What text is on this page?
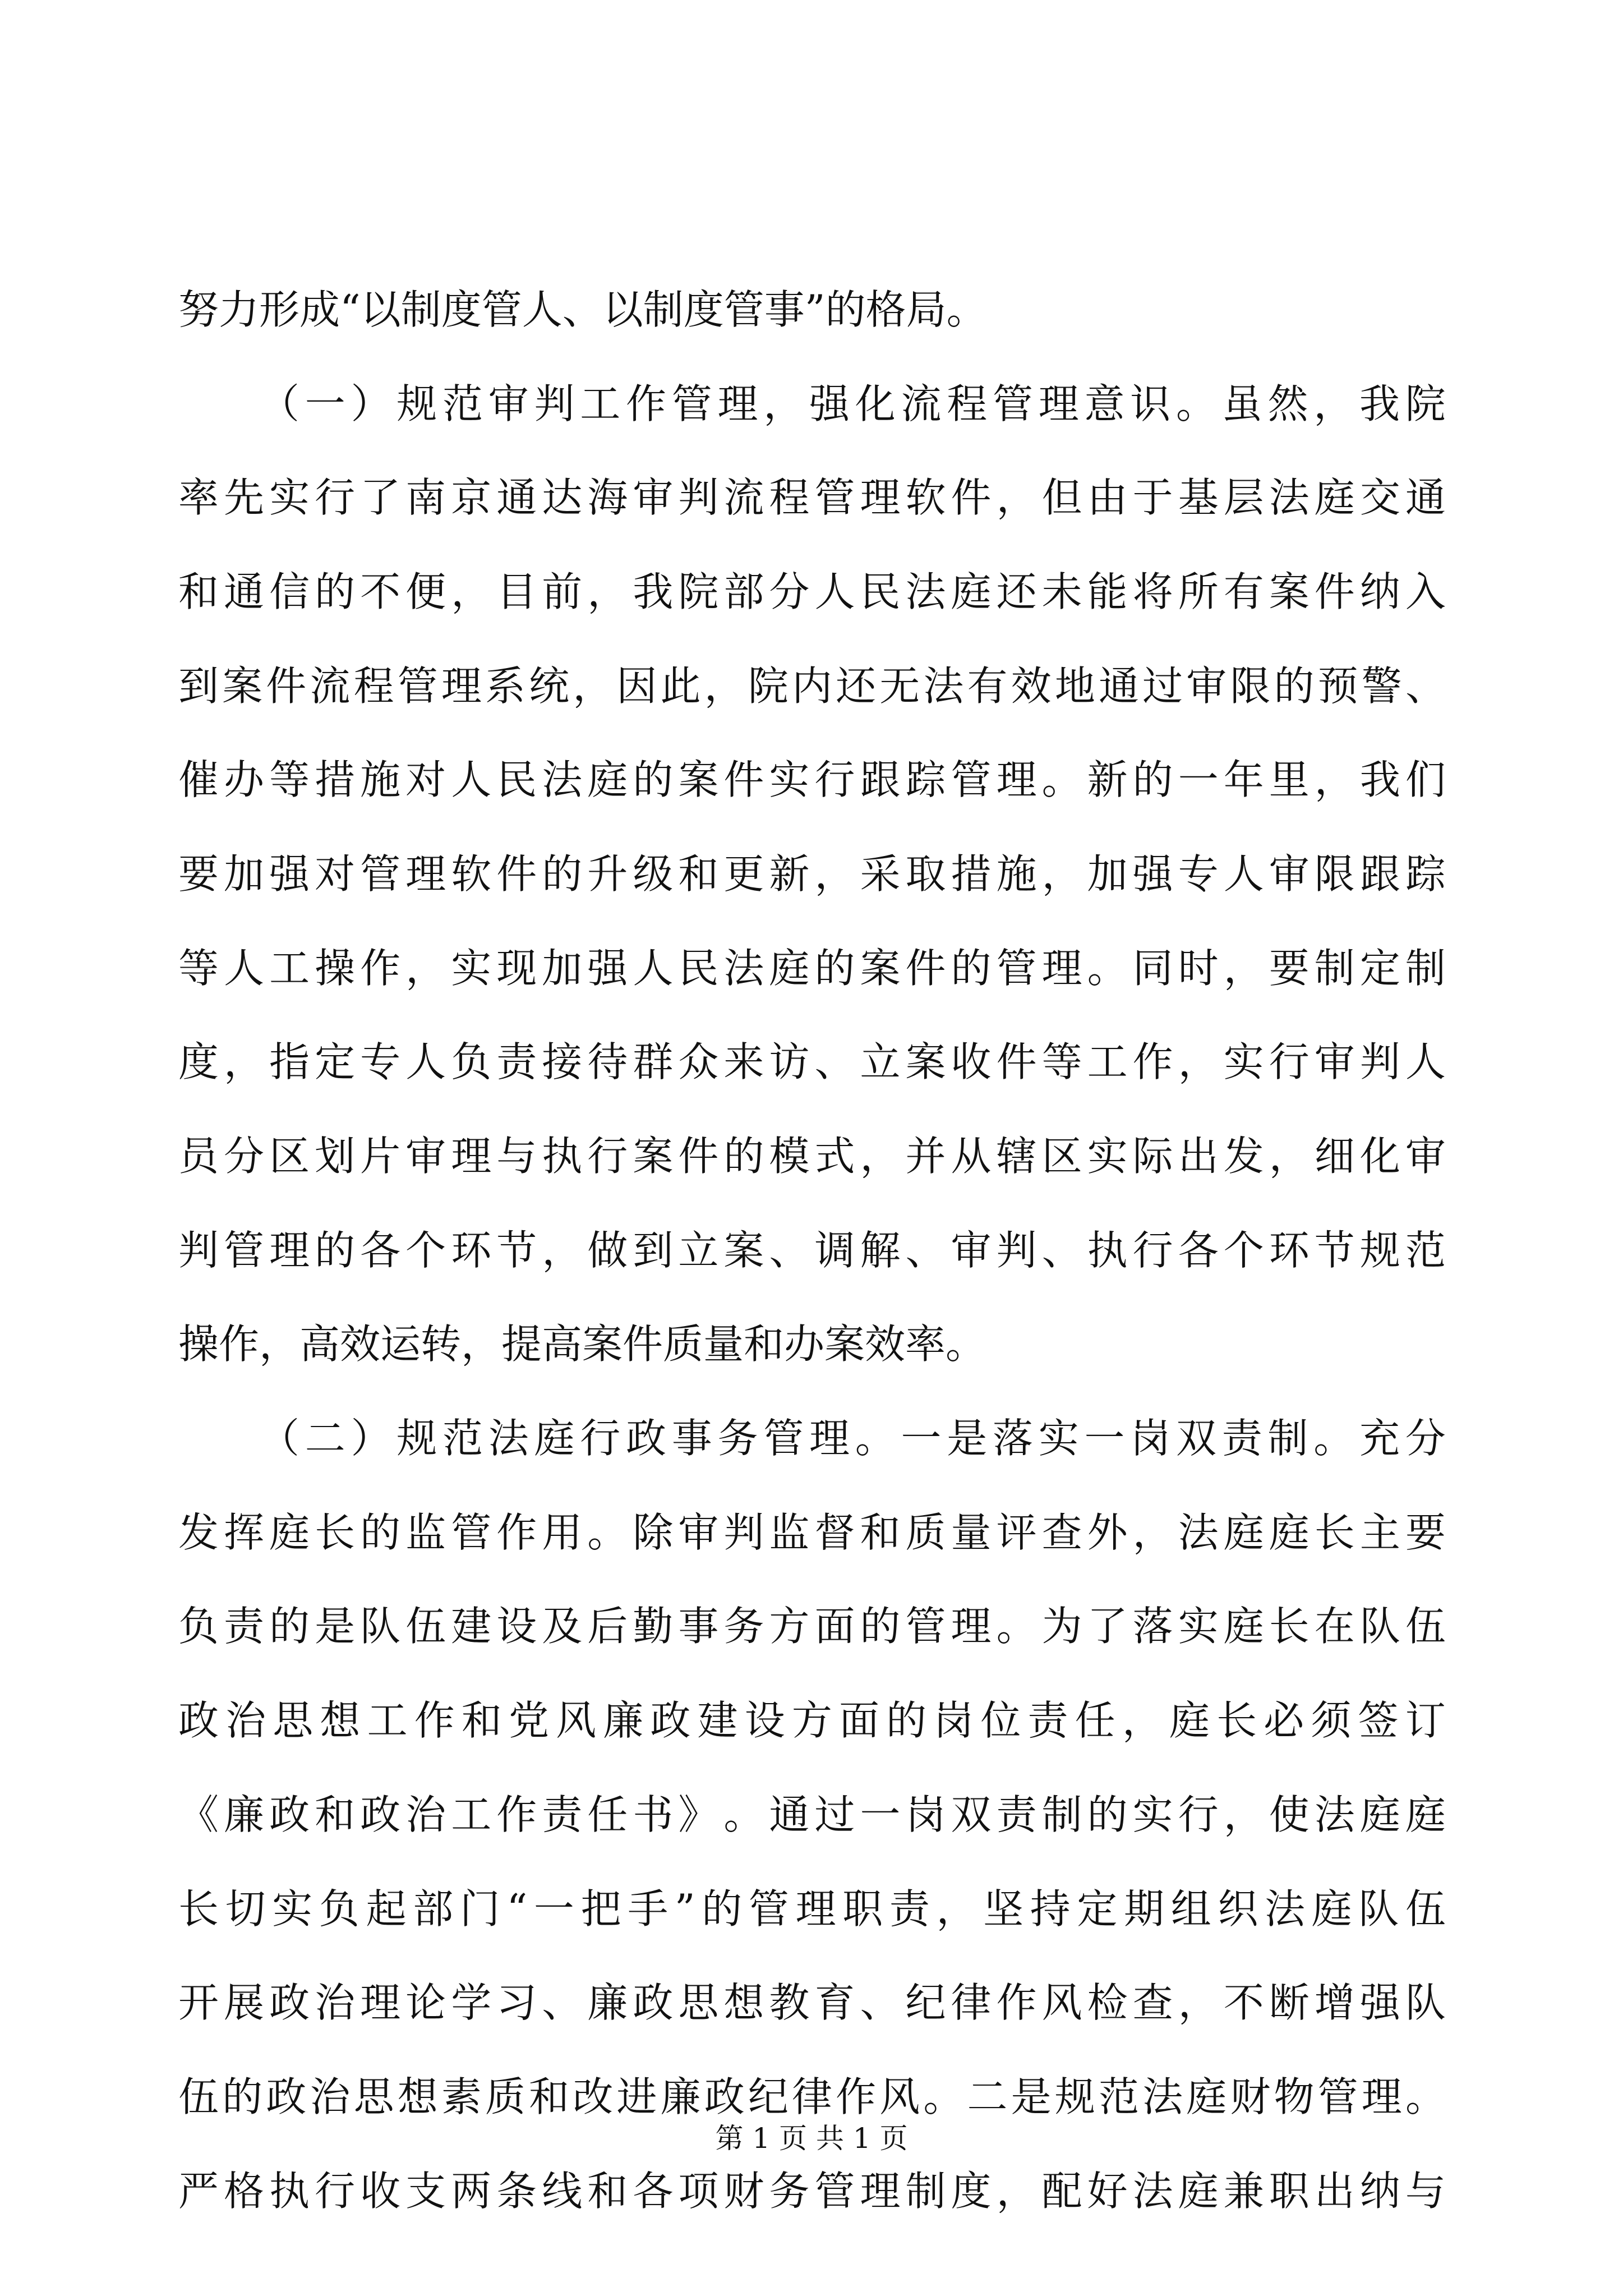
努力形成“以制度管人、以制度管事”的格局。
（ 一 ） 规 范 审 判 工 作 管 理 ， 强 化 流 程 管 理 意 识 。 虽 然 ， 我 院
率 先 实 行 了 南 京 通 达 海 审 判 流 程 管 理 软 件 ， 但 由 于 基 层 法 庭 交 通
和 通 信 的 不 便 ， 目 前 ， 我 院 部 分 人 民 法 庭 还 未 能 将 所 有 案 件 纳 入
到 案 件 流 程 管 理 系 统 ， 因 此 ， 院 内 还 无 法 有 效 地 通 过 审 限 的 预 警 、
催 办 等 措 施 对 人 民 法 庭 的 案 件 实 行 跟 踪 管 理 。 新 的 一 年 里 ， 我 们
要 加 强 对 管 理 软 件 的 升 级 和 更 新 ， 采 取 措 施 ， 加 强 专 人 审 限 跟 踪
等 人 工 操 作 ， 实 现 加 强 人 民 法 庭 的 案 件 的 管 理 。 同 时 ， 要 制 定 制
度 ， 指 定 专 人 负 责 接 待 群 众 来 访 、 立 案 收 件 等 工 作 ， 实 行 审 判 人
员 分 区 划 片 审 理 与 执 行 案 件 的 模 式 ， 并 从 辖 区 实 际 出 发 ， 细 化 审
判 管 理 的 各 个 环 节 ， 做 到 立 案 、 调 解 、 审 判 、 执 行 各 个 环 节 规 范
操作，高效运转，提高案件质量和办案效率。
（ 二 ） 规 范 法 庭 行 政 事 务 管 理 。 一 是 落 实 一 岗 双 责 制 。 充 分
发 挥 庭 长 的 监 管 作 用 。 除 审 判 监 督 和 质 量 评 查 外 ， 法 庭 庭 长 主 要
负 责 的 是 队 伍 建 设 及 后 勤 事 务 方 面 的 管 理 。 为 了 落 实 庭 长 在 队 伍
政 治 思 想 工 作 和 党 风 廉 政 建 设 方 面 的 岗 位 责 任 ， 庭 长 必 须 签 订
《 廉 政 和 政 治 工 作 责 任 书 》 。 通 过 一 岗 双 责 制 的 实 行 ， 使 法 庭 庭
长 切 实 负 起 部 门 “ 一 把 手 ” 的 管 理 职 责 ， 坚 持 定 期 组 织 法 庭 队 伍
开 展 政 治 理 论 学 习 、 廉 政 思 想 教 育 、 纪 律 作 风 检 查 ， 不 断 增 强 队
伍 的 政 治 思 想 素 质 和 改 进 廉 政 纪 律 作 风 。 二 是 规 范 法 庭 财 物 管 理 。
严 格 执 行 收 支 两 条 线 和 各 项 财 务 管 理 制 度 ， 配 好 法 庭 兼 职 出 纳 与
第 1 页 共 1 页
